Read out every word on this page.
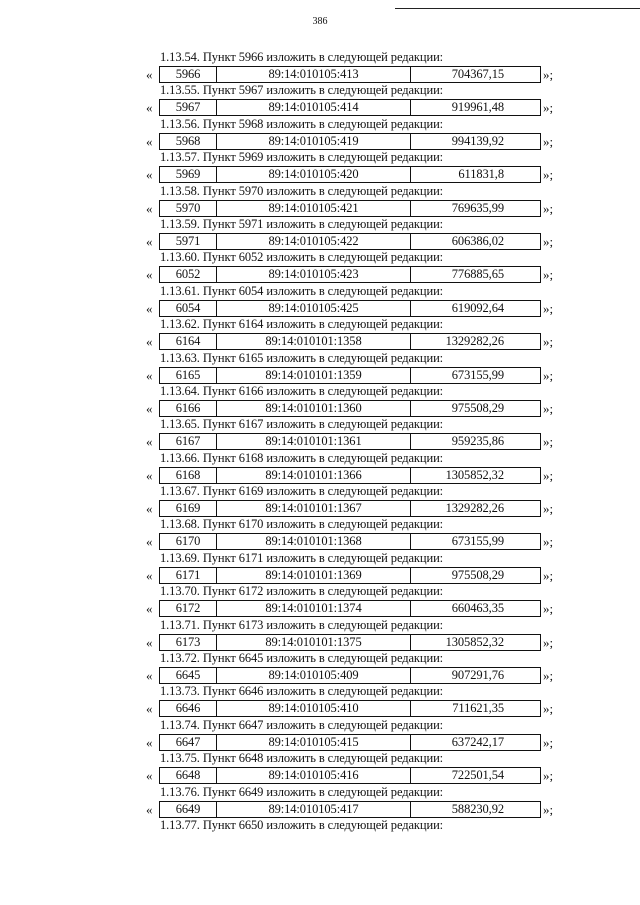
386
1.13.54. Пункт 5966 изложить в следующей редакции:
«	5966	89:14:010105:413	704367,15	»;
1.13.55. Пункт 5967 изложить в следующей редакции:
«	5967	89:14:010105:414	919961,48	»;
1.13.56. Пункт 5968 изложить в следующей редакции:
«	5968	89:14:010105:419	994139,92	»;
1.13.57. Пункт 5969 изложить в следующей редакции:
«	5969	89:14:010105:420	611831,8	»;
1.13.58. Пункт 5970 изложить в следующей редакции:
«	5970	89:14:010105:421	769635,99	»;
1.13.59. Пункт 5971 изложить в следующей редакции:
«	5971	89:14:010105:422	606386,02	»;
1.13.60. Пункт 6052 изложить в следующей редакции:
«	6052	89:14:010105:423	776885,65	»;
1.13.61. Пункт 6054 изложить в следующей редакции:
«	6054	89:14:010105:425	619092,64	»;
1.13.62. Пункт 6164 изложить в следующей редакции:
«	6164	89:14:010101:1358	1329282,26	»;
1.13.63. Пункт 6165 изложить в следующей редакции:
«	6165	89:14:010101:1359	673155,99	»;
1.13.64. Пункт 6166 изложить в следующей редакции:
«	6166	89:14:010101:1360	975508,29	»;
1.13.65. Пункт 6167 изложить в следующей редакции:
«	6167	89:14:010101:1361	959235,86	»;
1.13.66. Пункт 6168 изложить в следующей редакции:
«	6168	89:14:010101:1366	1305852,32	»;
1.13.67. Пункт 6169 изложить в следующей редакции:
«	6169	89:14:010101:1367	1329282,26	»;
1.13.68. Пункт 6170 изложить в следующей редакции:
«	6170	89:14:010101:1368	673155,99	»;
1.13.69. Пункт 6171 изложить в следующей редакции:
«	6171	89:14:010101:1369	975508,29	»;
1.13.70. Пункт 6172 изложить в следующей редакции:
«	6172	89:14:010101:1374	660463,35	»;
1.13.71. Пункт 6173 изложить в следующей редакции:
«	6173	89:14:010101:1375	1305852,32	»;
1.13.72. Пункт 6645 изложить в следующей редакции:
«	6645	89:14:010105:409	907291,76	»;
1.13.73. Пункт 6646 изложить в следующей редакции:
«	6646	89:14:010105:410	711621,35	»;
1.13.74. Пункт 6647 изложить в следующей редакции:
«	6647	89:14:010105:415	637242,17	»;
1.13.75. Пункт 6648 изложить в следующей редакции:
«	6648	89:14:010105:416	722501,54	»;
1.13.76. Пункт 6649 изложить в следующей редакции:
«	6649	89:14:010105:417	588230,92	»;
1.13.77. Пункт 6650 изложить в следующей редакции:
